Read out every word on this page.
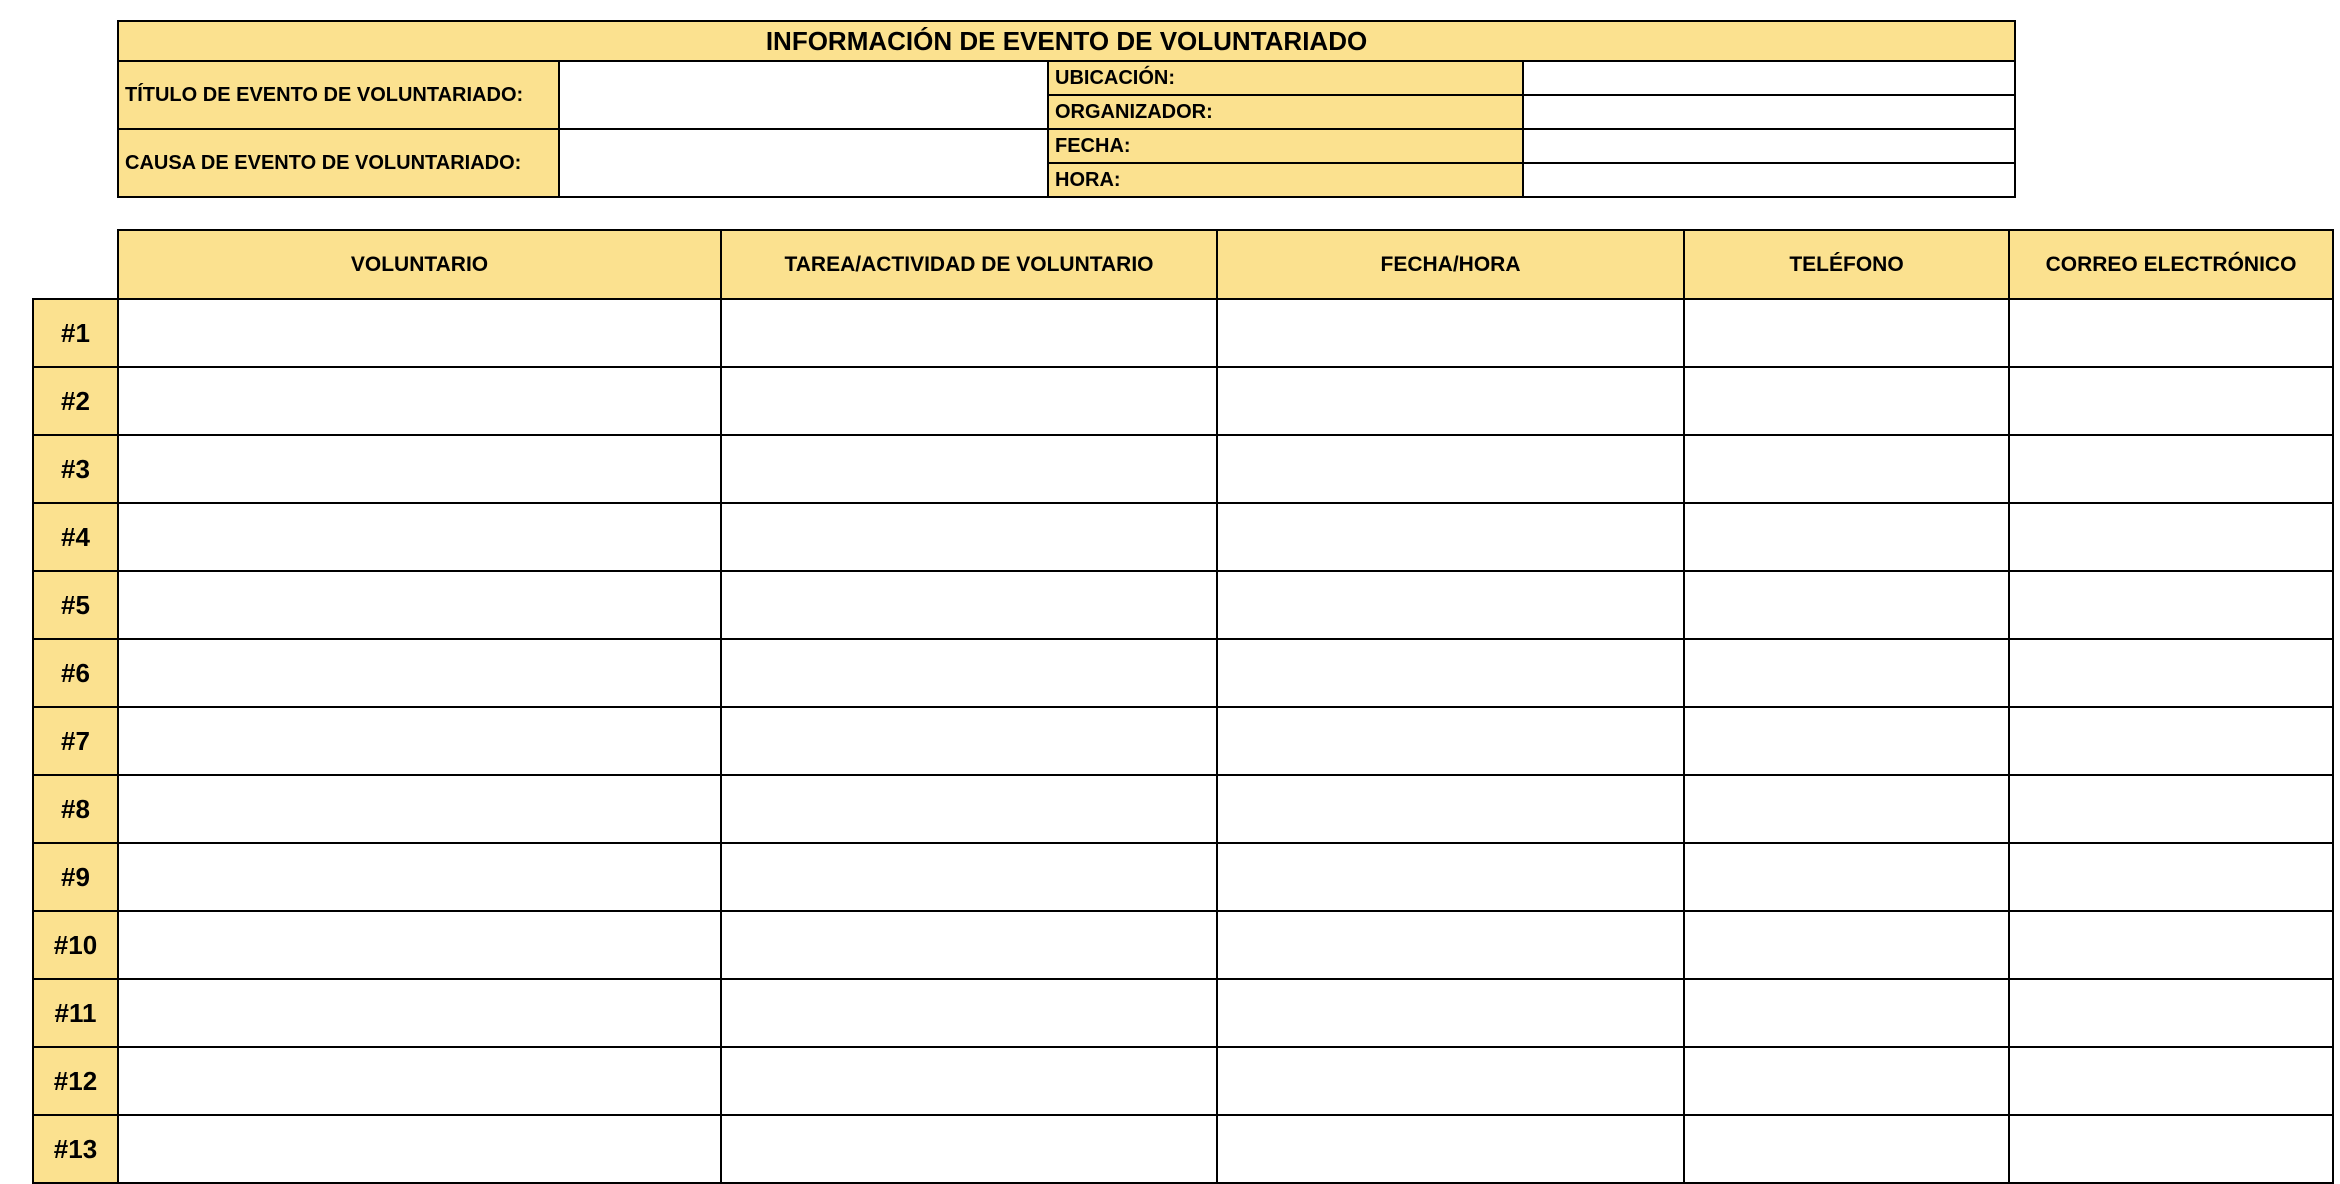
INFORMACIÓN DE EVENTO DE VOLUNTARIADO			
TÍTULO DE EVENTO DE VOLUNTARIADO:		UBICACIÓN:	
		ORGANIZADOR:	
CAUSA DE EVENTO DE VOLUNTARIADO:		FECHA:	
		HORA:	
	VOLUNTARIO	TAREA/ACTIVIDAD DE VOLUNTARIO	FECHA/HORA	TELÉFONO	CORREO ELECTRÓNICO
#1					
#2					
#3					
#4					
#5					
#6					
#7					
#8					
#9					
#10					
#11					
#12					
#13					
